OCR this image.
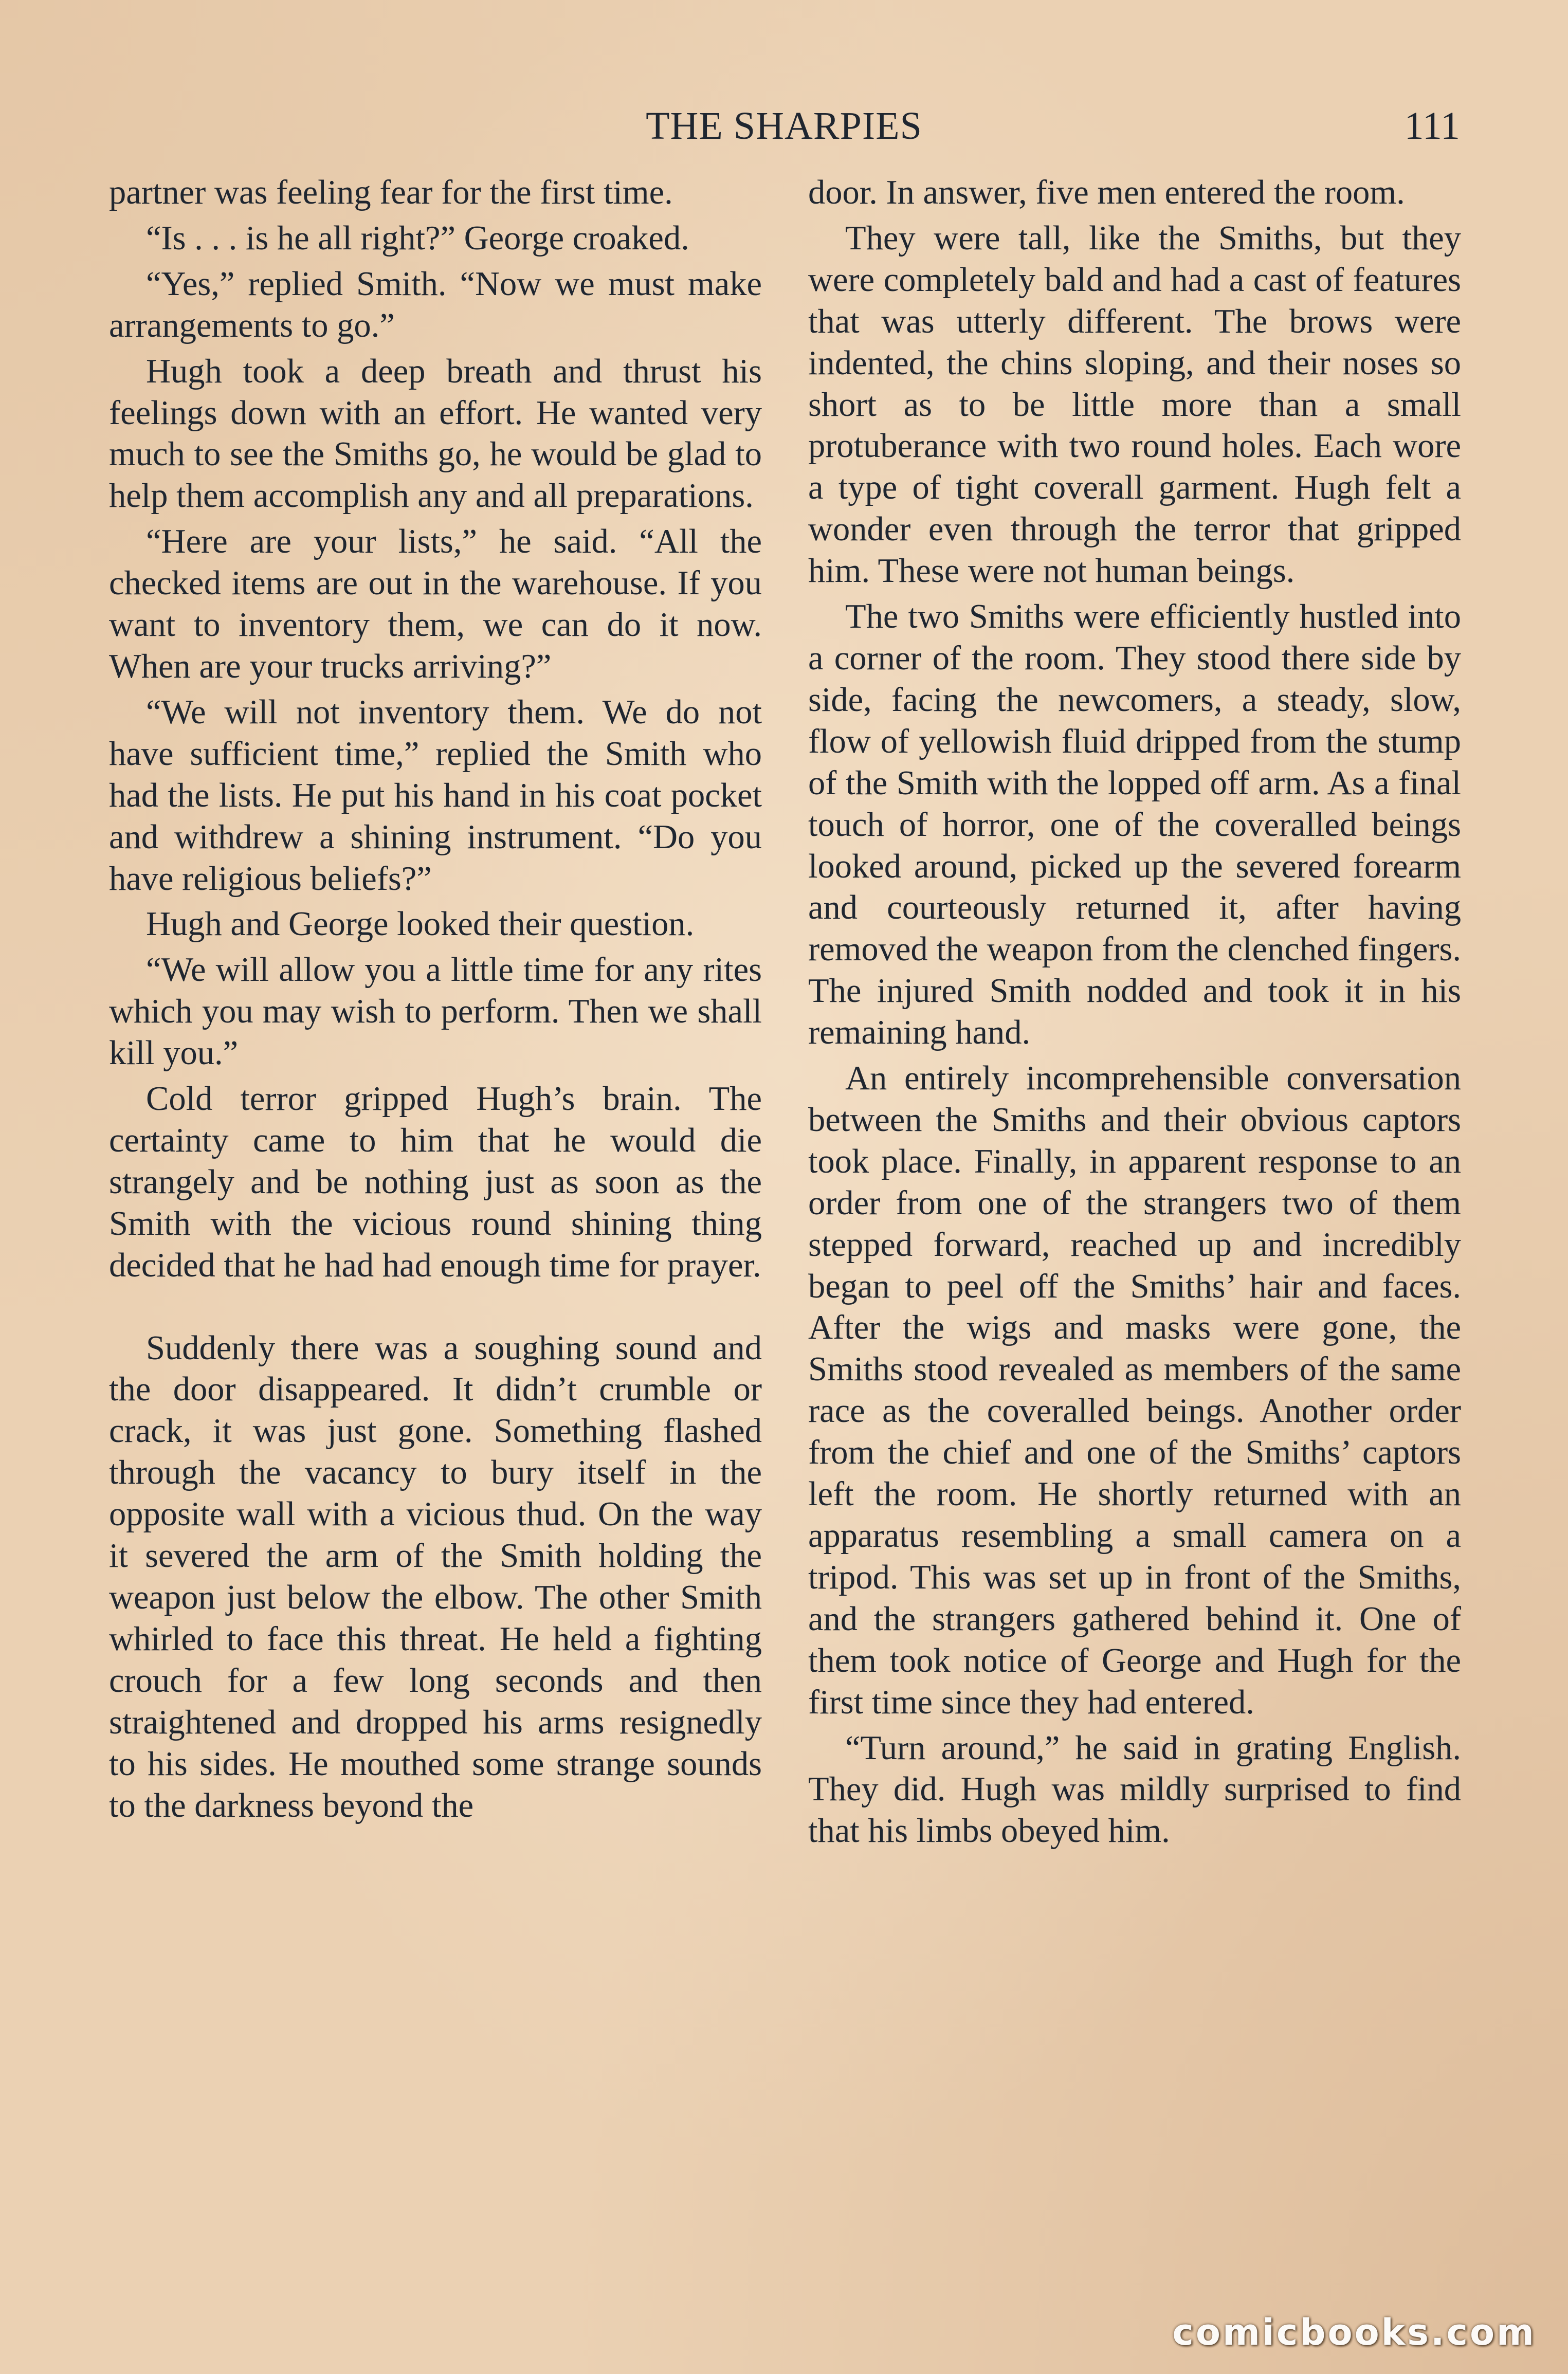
THE SHARPIES	111

partner was feeling fear for the first time.

“Is . . . is he all right?” George croaked.

“Yes,” replied Smith. “Now we must make arrangements to go.”

Hugh took a deep breath and thrust his feelings down with an effort. He wanted very much to see the Smiths go, he would be glad to help them accomplish any and all preparations.

“Here are your lists,” he said. “All the checked items are out in the warehouse. If you want to inventory them, we can do it now. When are your trucks arriving?”

“We will not inventory them. We do not have sufficient time,” replied the Smith who had the lists. He put his hand in his coat pocket and withdrew a shining instrument. “Do you have religious beliefs?”

Hugh and George looked their question.

“We will allow you a little time for any rites which you may wish to perform. Then we shall kill you.”

Cold terror gripped Hugh’s brain. The certainty came to him that he would die strangely and be nothing just as soon as the Smith with the vicious round shining thing decided that he had had enough time for prayer.

Suddenly there was a soughing sound and the door disappeared. It didn’t crumble or crack, it was just gone. Something flashed through the vacancy to bury itself in the opposite wall with a vicious thud. On the way it severed the arm of the Smith holding the weapon just below the elbow. The other Smith whirled to face this threat. He held a fighting crouch for a few long seconds and then straightened and dropped his arms resignedly to his sides. He mouthed some strange sounds to the darkness beyond the

door. In answer, five men entered the room.

They were tall, like the Smiths, but they were completely bald and had a cast of features that was utterly different. The brows were indented, the chins sloping, and their noses so short as to be little more than a small protuberance with two round holes. Each wore a type of tight coverall garment. Hugh felt a wonder even through the terror that gripped him. These were not human beings.

The two Smiths were efficiently hustled into a corner of the room. They stood there side by side, facing the newcomers, a steady, slow, flow of yellowish fluid dripped from the stump of the Smith with the lopped off arm. As a final touch of horror, one of the coveralled beings looked around, picked up the severed forearm and courteously returned it, after having removed the weapon from the clenched fingers. The injured Smith nodded and took it in his remaining hand.

An entirely incomprehensible conversation between the Smiths and their obvious captors took place. Finally, in apparent response to an order from one of the strangers two of them stepped forward, reached up and incredibly began to peel off the Smiths’ hair and faces. After the wigs and masks were gone, the Smiths stood revealed as members of the same race as the coveralled beings. Another order from the chief and one of the Smiths’ captors left the room. He shortly returned with an apparatus resembling a small camera on a tripod. This was set up in front of the Smiths, and the strangers gathered behind it. One of them took notice of George and Hugh for the first time since they had entered.

“Turn around,” he said in grating English. They did. Hugh was mildly surprised to find that his limbs obeyed him.

comicbooks.com
